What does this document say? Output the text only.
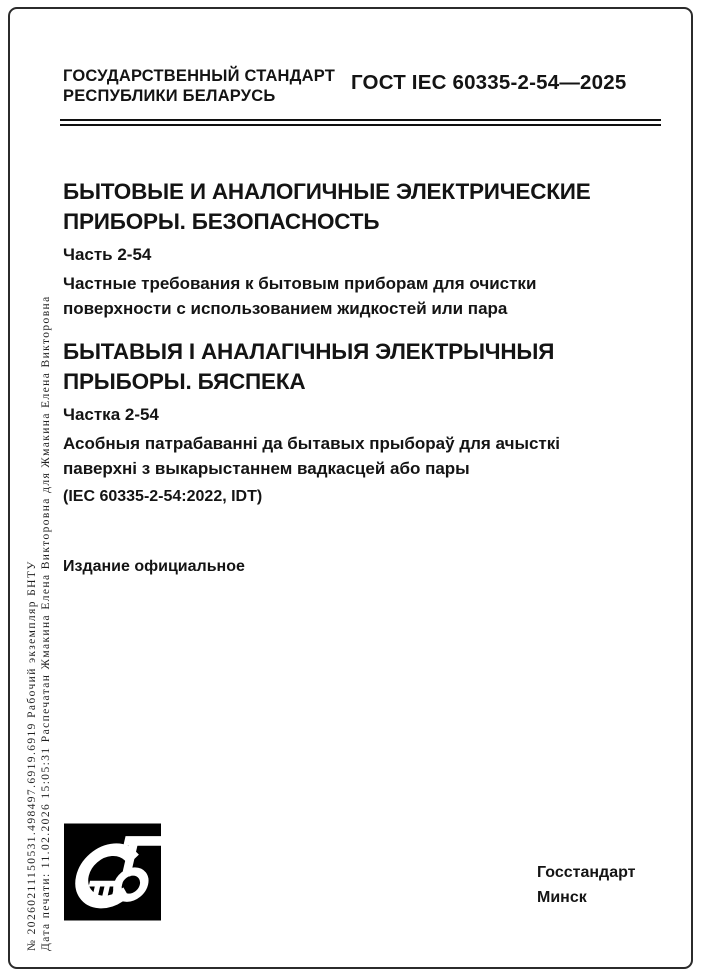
ГОСУДАРСТВЕННЫЙ СТАНДАРТ
РЕСПУБЛИКИ БЕЛАРУСЬ
ГОСТ IEC 60335-2-54—2025
БЫТОВЫЕ И АНАЛОГИЧНЫЕ ЭЛЕКТРИЧЕСКИЕ
ПРИБОРЫ. БЕЗОПАСНОСТЬ
Часть 2-54
Частные требования к бытовым приборам для очистки
поверхности с использованием жидкостей или пара
БЫТАВЫЯ І АНАЛАГІЧНЫЯ ЭЛЕКТРЫЧНЫЯ
ПРЫБОРЫ. БЯСПЕКА
Частка 2-54
Асобныя патрабаванні да бытавых прыбораў для ачысткі
паверхні з выкарыстаннем вадкасцей або пары
(IEC 60335-2-54:2022, IDT)
Издание официальное
№ 20260211150531.498497.6919.6919 Рабочий экземпляр БНТУ Дата печати: 11.02.2026 15:05:31 Распечатан Жмакина Елена Викторовна для Жмакина Елена Викторовна	Госстандарт
Минск
